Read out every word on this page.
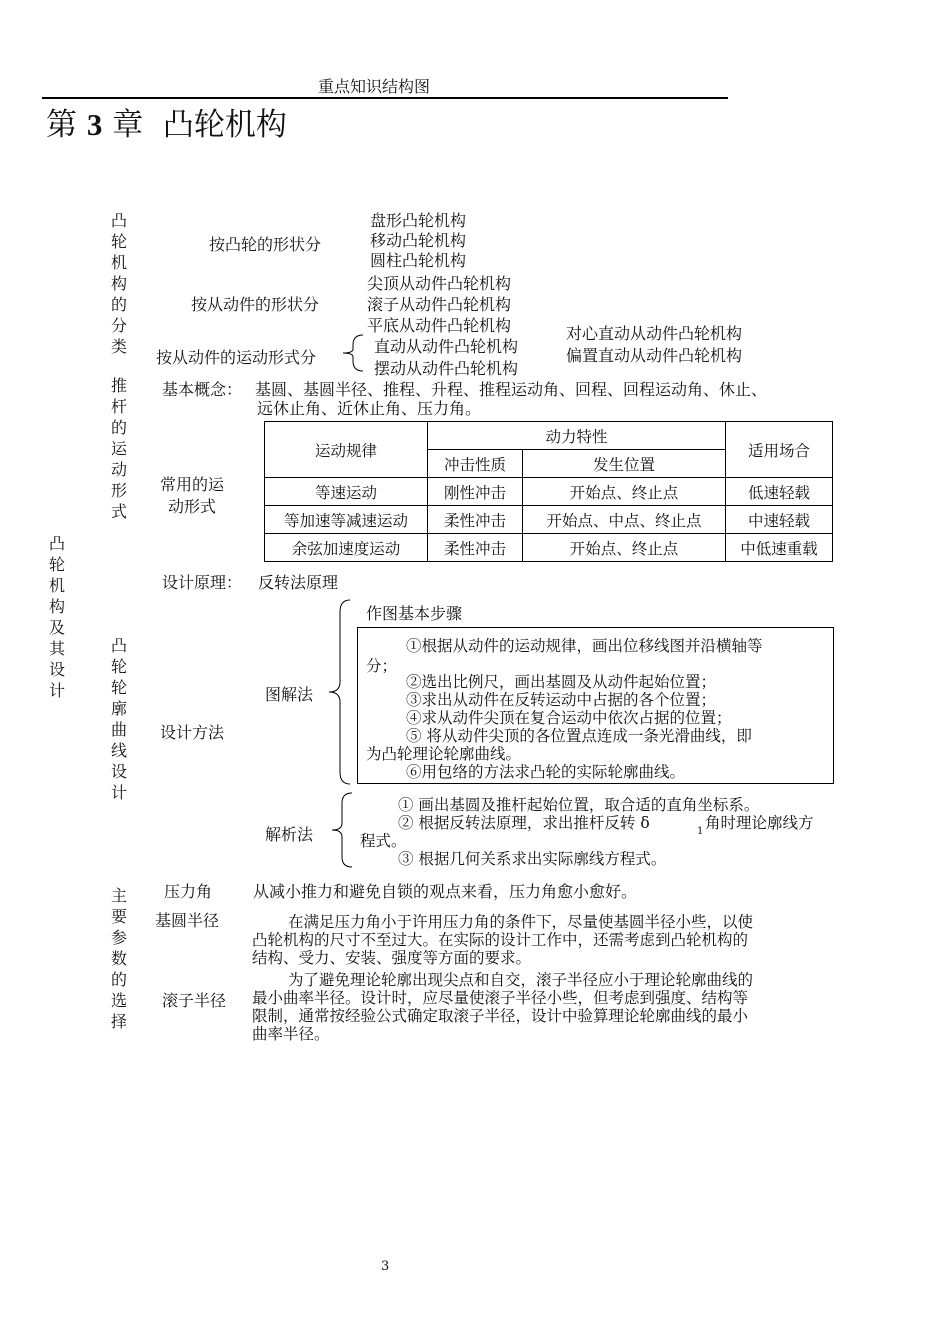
重点知识结构图
第 3 章  凸轮机构
凸轮机构及其设计
凸轮机构的分类
推杆的运动形式
凸轮轮廓曲线设计
主要参数的选择
按凸轮的形状分
盘形凸轮机构
移动凸轮机构
圆柱凸轮机构
按从动件的形状分
尖顶从动件凸轮机构
滚子从动件凸轮机构
平底从动件凸轮机构
按从动件的运动形式分
直动从动件凸轮机构
摆动从动件凸轮机构
对心直动从动件凸轮机构
偏置直动从动件凸轮机构
基本概念： 基圆、基圆半径、推程、升程、推程运动角、回程、回程运动角、休止、
远休止角、近休止角、压力角。
常用的运
动形式
运动规律	动力特性		适用场合
	冲击性质	发生位置	
等速运动	刚性冲击	开始点、终止点	低速轻载
等加速等减速运动	柔性冲击	开始点、中点、终止点	中速轻载
余弦加速度运动	柔性冲击	开始点、终止点	中低速重载
设计原理： 反转法原理
设计方法
图解法
作图基本步骤
①根据从动件的运动规律，画出位移线图并沿横轴等
分；
②选出比例尺，画出基圆及从动件起始位置；
③求出从动件在反转运动中占据的各个位置；
④求从动件尖顶在复合运动中依次占据的位置；
⑤ 将从动件尖顶的各位置点连成一条光滑曲线，即
为凸轮理论轮廓曲线。
⑥用包络的方法求凸轮的实际轮廓曲线。
解析法
① 画出基圆及推杆起始位置，取合适的直角坐标系。
② 根据反转法原理，求出推杆反转 δ	1 角时理论廓线方
程式。
③ 根据几何关系求出实际廓线方程式。
压力角	从减小推力和避免自锁的观点来看，压力角愈小愈好。
基圆半径	在满足压力角小于许用压力角的条件下，尽量使基圆半径小些，以使
凸轮机构的尺寸不至过大。在实际的设计工作中，还需考虑到凸轮机构的
结构、受力、安装、强度等方面的要求。
滚子半径
为了避免理论轮廓出现尖点和自交，滚子半径应小于理论轮廓曲线的
最小曲率半径。设计时，应尽量使滚子半径小些，但考虑到强度、结构等
限制，通常按经验公式确定取滚子半径，设计中验算理论轮廓曲线的最小
曲率半径。
3
